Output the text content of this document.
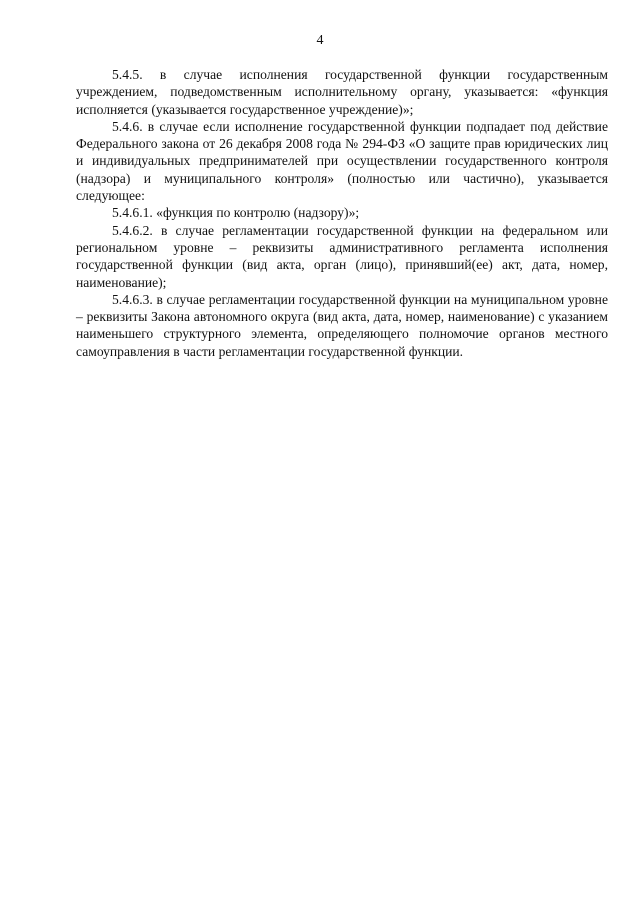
4

5.4.5. в случае исполнения государственной функции государственным учреждением, подведомственным исполнительному органу, указывается: «функция исполняется (указывается государственное учреждение)»;

5.4.6. в случае если исполнение государственной функции подпадает под действие Федерального закона от 26 декабря 2008 года № 294-ФЗ «О защите прав юридических лиц и индивидуальных предпринимателей при осуществлении государственного контроля (надзора) и муниципального контроля» (полностью или частично), указывается следующее:

5.4.6.1. «функция по контролю (надзору)»;

5.4.6.2. в случае регламентации государственной функции на федеральном или региональном уровне – реквизиты административного регламента исполнения государственной функции (вид акта, орган (лицо), принявший(ее) акт, дата, номер, наименование);

5.4.6.3. в случае регламентации государственной функции на муниципальном уровне – реквизиты Закона автономного округа (вид акта, дата, номер, наименование) с указанием наименьшего структурного элемента, определяющего полномочие органов местного самоуправления в части регламентации государственной функции.
